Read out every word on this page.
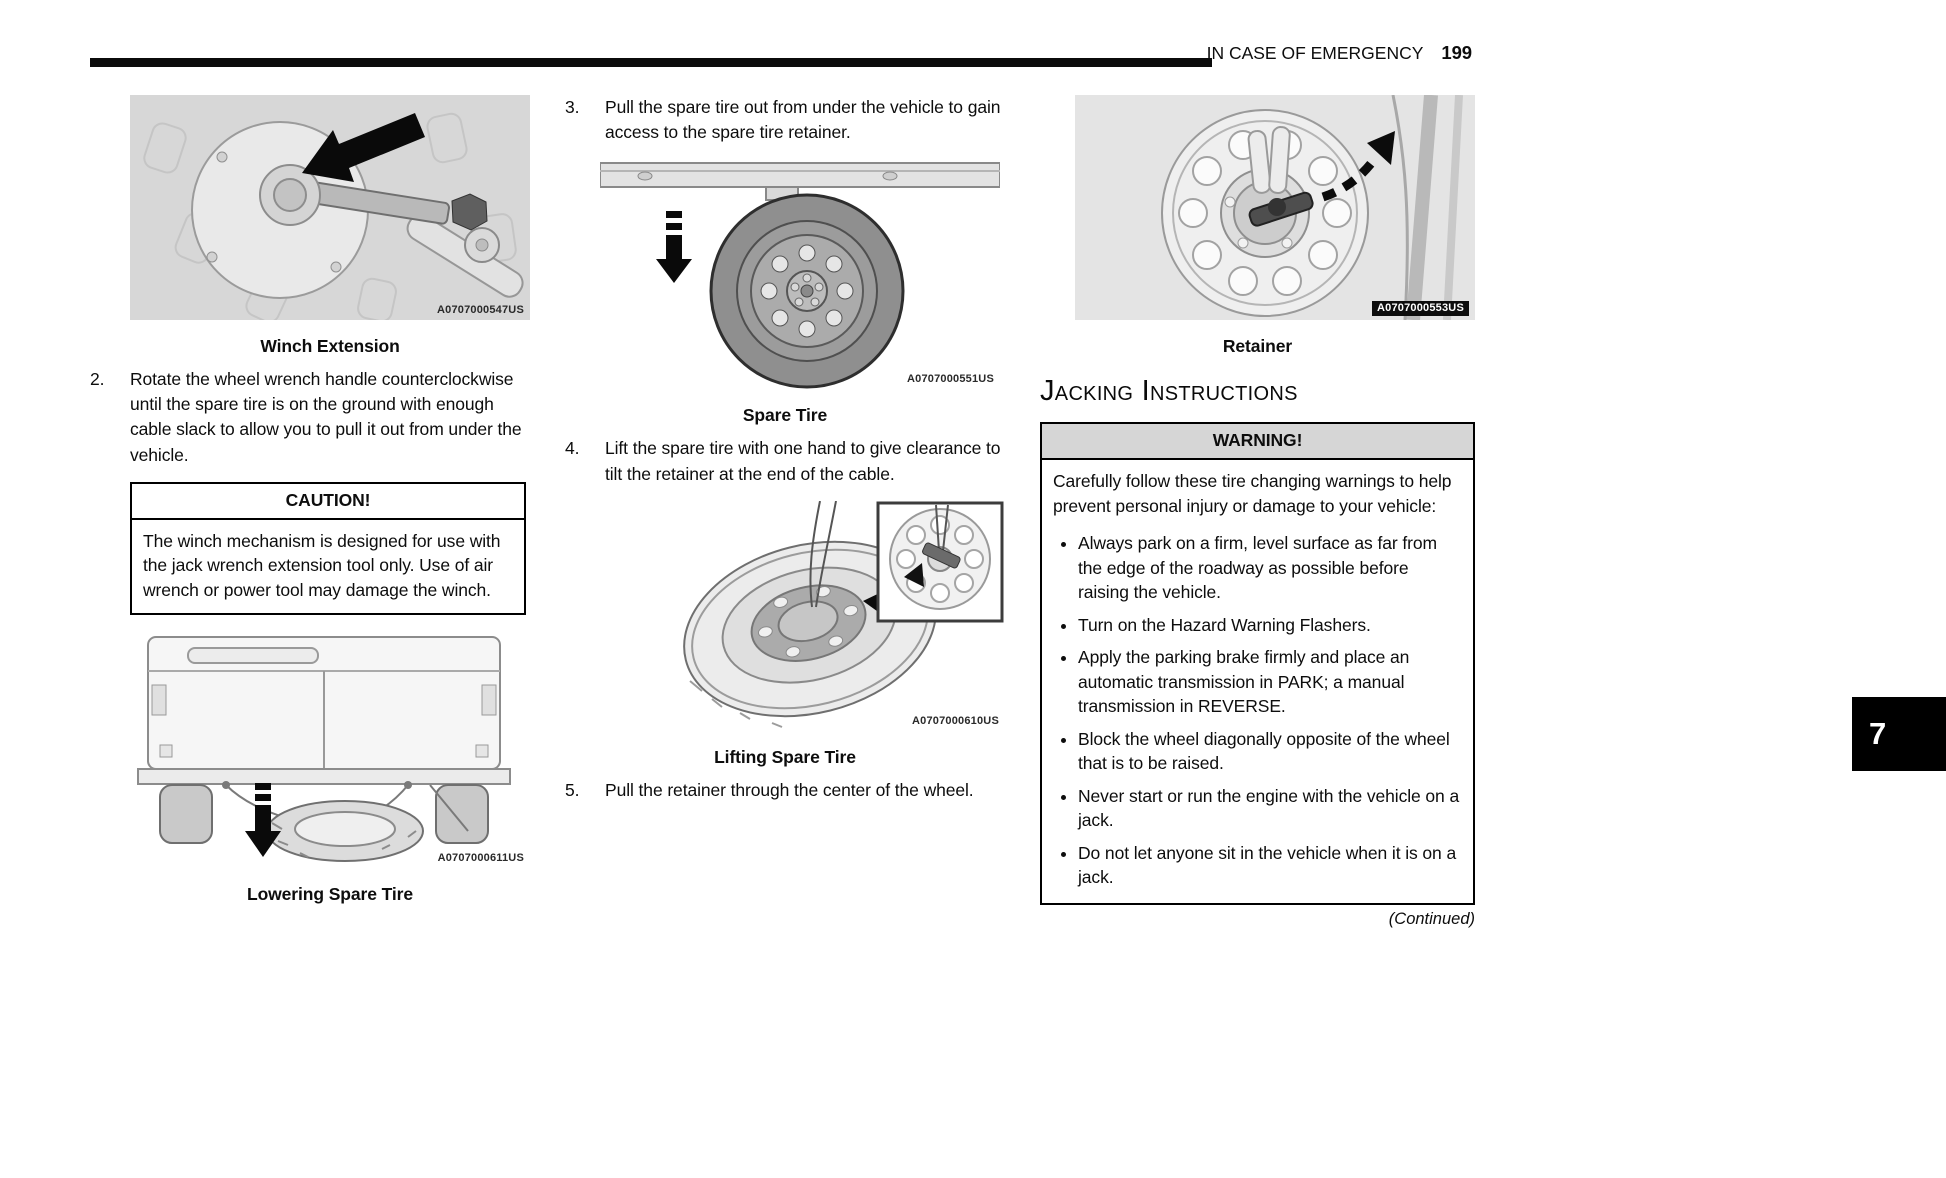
IN CASE OF EMERGENCY 199
A0707000547US
Winch Extension
2.	Rotate the wheel wrench handle counterclockwise until the spare tire is on the ground with enough cable slack to allow you to pull it out from under the vehicle.
CAUTION!
The winch mechanism is designed for use with the jack wrench extension tool only. Use of air wrench or power tool may damage the winch.
A0707000611US
Lowering Spare Tire
3.	Pull the spare tire out from under the vehicle to gain access to the spare tire retainer.
A0707000551US
Spare Tire
4.	Lift the spare tire with one hand to give clearance to tilt the retainer at the end of the cable.
A0707000610US
Lifting Spare Tire
5.	Pull the retainer through the center of the wheel.
A0707000553US
Retainer
Jacking Instructions
WARNING!
Carefully follow these tire changing warnings to help prevent personal injury or damage to your vehicle:
• Always park on a firm, level surface as far from the edge of the roadway as possible before raising the vehicle.
• Turn on the Hazard Warning Flashers.
• Apply the parking brake firmly and place an automatic transmission in PARK; a manual transmission in REVERSE.
• Block the wheel diagonally opposite of the wheel that is to be raised.
• Never start or run the engine with the vehicle on a jack.
• Do not let anyone sit in the vehicle when it is on a jack.
(Continued)
7
